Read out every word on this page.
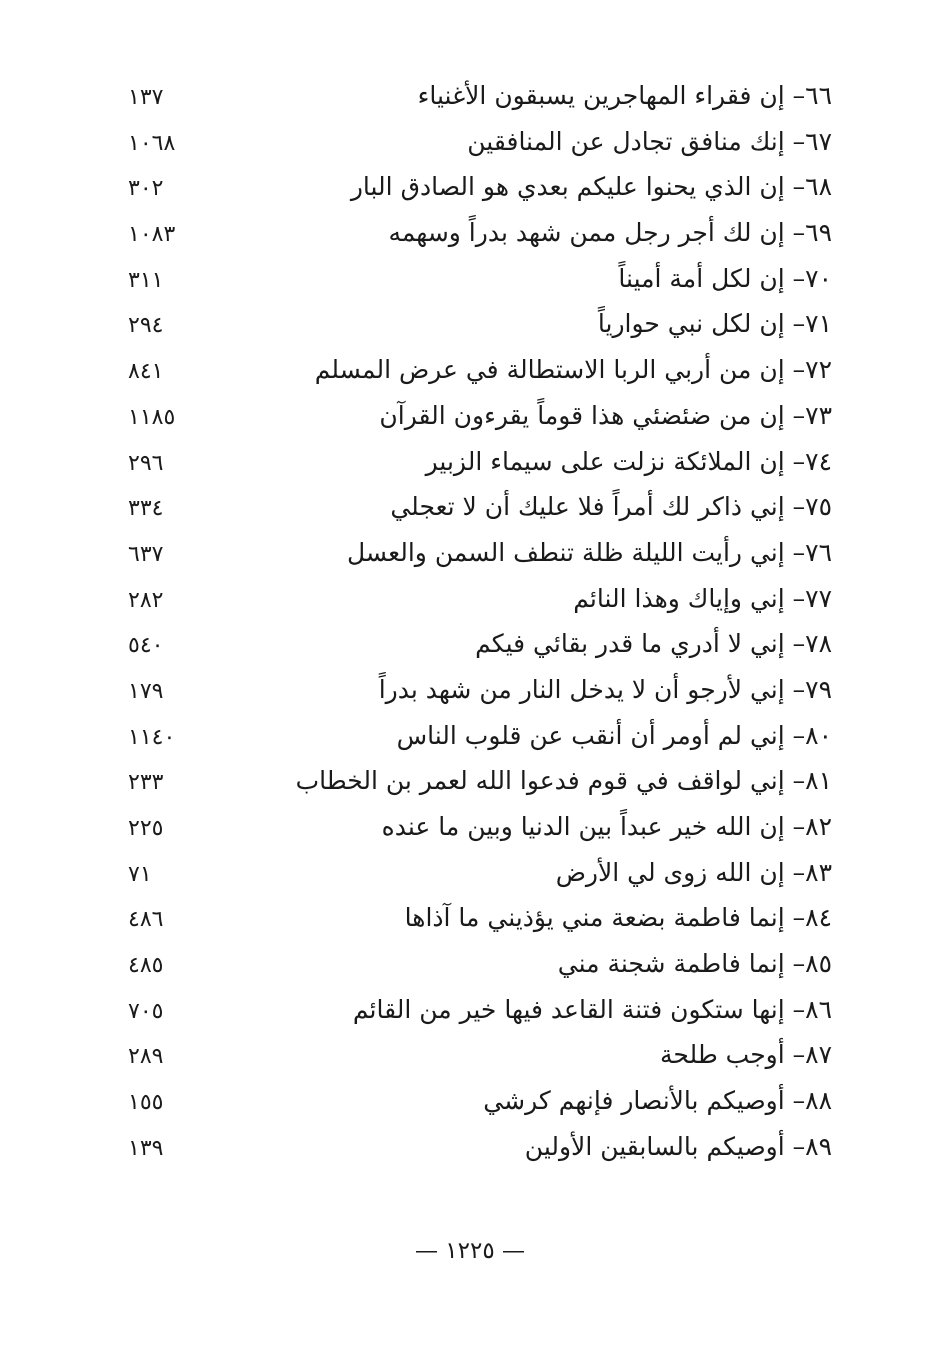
٦٦– إن فقراء المهاجرين يسبقون الأغنياء
١٣٧
٦٧– إنك منافق تجادل عن المنافقين
١٠٦٨
٦٨– إن الذي يحنوا عليكم بعدي هو الصادق البار
٣٠٢
٦٩– إن لك أجر رجل ممن شهد بدراً وسهمه
١٠٨٣
٧٠– إن لكل أمة أميناً
٣١١
٧١– إن لكل نبي حوارياً
٢٩٤
٧٢– إن من أربي الربا الاستطالة في عرض المسلم
٨٤١
٧٣– إن من ضئضئي هذا قوماً يقرءون القرآن
١١٨٥
٧٤– إن الملائكة نزلت على سيماء الزبير
٢٩٦
٧٥– إني ذاكر لك أمراً فلا عليك أن لا تعجلي
٣٣٤
٧٦– إني رأيت الليلة ظلة تنطف السمن والعسل
٦٣٧
٧٧– إني وإياك وهذا النائم
٢٨٢
٧٨– إني لا أدري ما قدر بقائي فيكم
٥٤٠
٧٩– إني لأرجو أن لا يدخل النار من شهد بدراً
١٧٩
٨٠– إني لم أومر أن أنقب عن قلوب الناس
١١٤٠
٨١– إني لواقف في قوم فدعوا الله لعمر بن الخطاب
٢٣٣
٨٢– إن الله خير عبداً بين الدنيا وبين ما عنده
٢٢٥
٨٣– إن الله زوى لي الأرض
٧١
٨٤– إنما فاطمة بضعة مني يؤذيني ما آذاها
٤٨٦
٨٥– إنما فاطمة شجنة مني
٤٨٥
٨٦– إنها ستكون فتنة القاعد فيها خير من القائم
٧٠٥
٨٧– أوجب طلحة
٢٨٩
٨٨– أوصيكم بالأنصار فإنهم كرشي
١٥٥
٨٩– أوصيكم بالسابقين الأولين
١٣٩
— ١٢٢٥ —
